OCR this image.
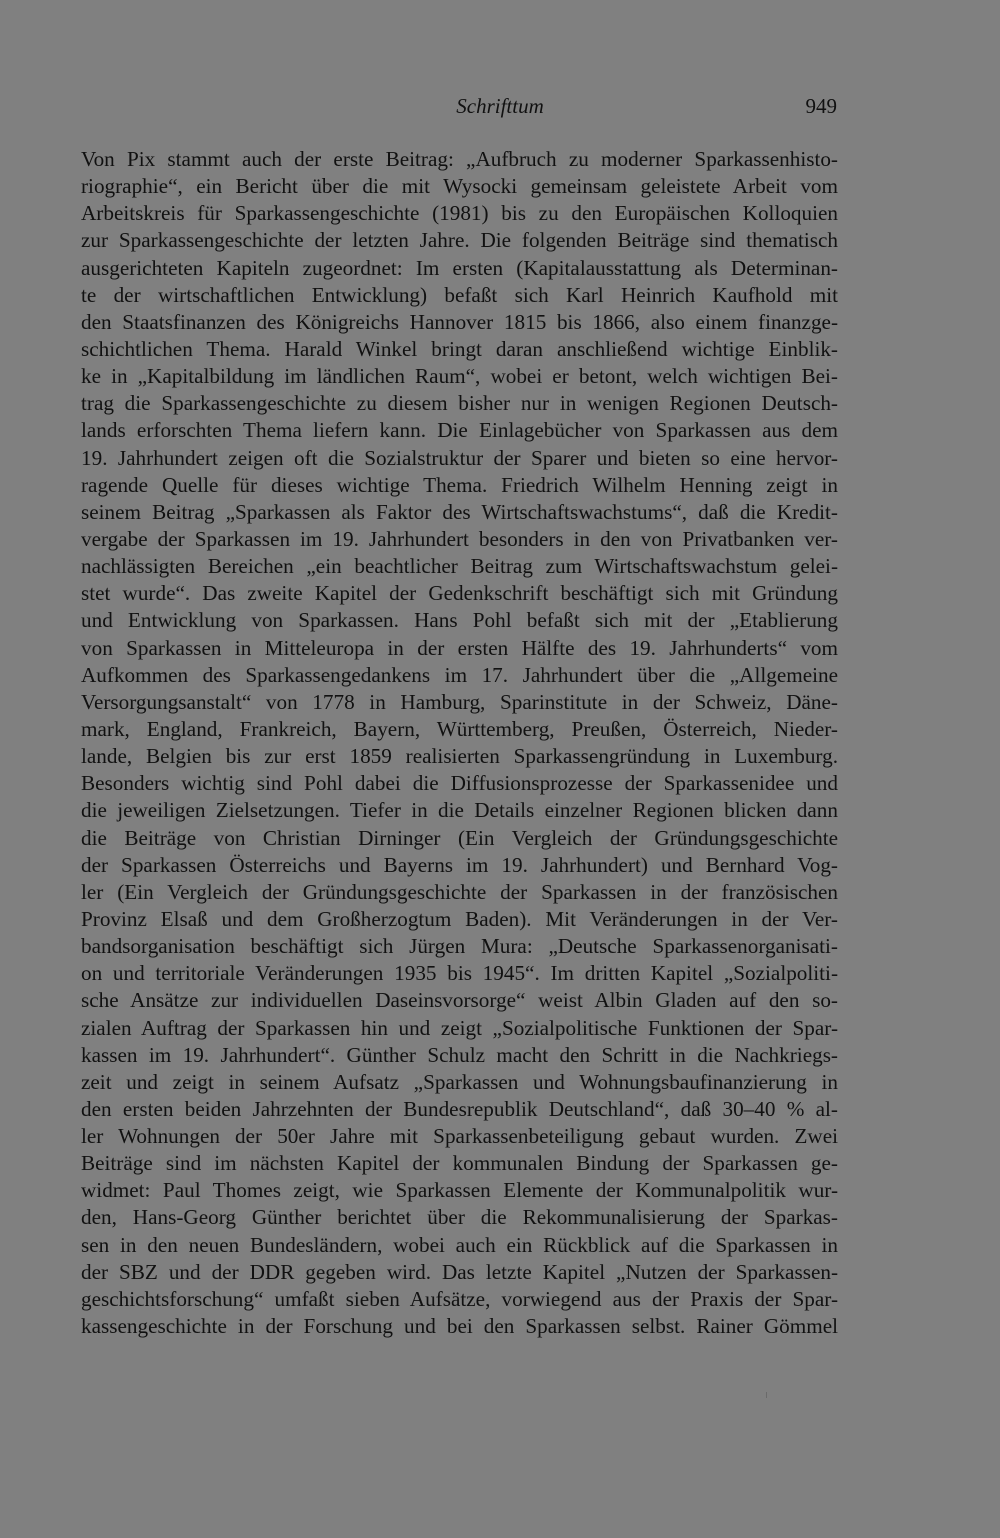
Schrifttum	949
Von Pix stammt auch der erste Beitrag: „Aufbruch zu moderner Sparkassenhisto-
riographie“, ein Bericht über die mit Wysocki gemeinsam geleistete Arbeit vom
Arbeitskreis für Sparkassengeschichte (1981) bis zu den Europäischen Kolloquien
zur Sparkassengeschichte der letzten Jahre. Die folgenden Beiträge sind thematisch
ausgerichteten Kapiteln zugeordnet: Im ersten (Kapitalausstattung als Determinan-
te der wirtschaftlichen Entwicklung) befaßt sich Karl Heinrich Kaufhold mit
den Staatsfinanzen des Königreichs Hannover 1815 bis 1866, also einem finanzge-
schichtlichen Thema. Harald Winkel bringt daran anschließend wichtige Einblik-
ke in „Kapitalbildung im ländlichen Raum“, wobei er betont, welch wichtigen Bei-
trag die Sparkassengeschichte zu diesem bisher nur in wenigen Regionen Deutsch-
lands erforschten Thema liefern kann. Die Einlagebücher von Sparkassen aus dem
19. Jahrhundert zeigen oft die Sozialstruktur der Sparer und bieten so eine hervor-
ragende Quelle für dieses wichtige Thema. Friedrich Wilhelm Henning zeigt in
seinem Beitrag „Sparkassen als Faktor des Wirtschaftswachstums“, daß die Kredit-
vergabe der Sparkassen im 19. Jahrhundert besonders in den von Privatbanken ver-
nachlässigten Bereichen „ein beachtlicher Beitrag zum Wirtschaftswachstum gelei-
stet wurde“. Das zweite Kapitel der Gedenkschrift beschäftigt sich mit Gründung
und Entwicklung von Sparkassen. Hans Pohl befaßt sich mit der „Etablierung
von Sparkassen in Mitteleuropa in der ersten Hälfte des 19. Jahrhunderts“ vom
Aufkommen des Sparkassengedankens im 17. Jahrhundert über die „Allgemeine
Versorgungsanstalt“ von 1778 in Hamburg, Sparinstitute in der Schweiz, Däne-
mark, England, Frankreich, Bayern, Württemberg, Preußen, Österreich, Nieder-
lande, Belgien bis zur erst 1859 realisierten Sparkassengründung in Luxemburg.
Besonders wichtig sind Pohl dabei die Diffusionsprozesse der Sparkassenidee und
die jeweiligen Zielsetzungen. Tiefer in die Details einzelner Regionen blicken dann
die Beiträge von Christian Dirninger (Ein Vergleich der Gründungsgeschichte
der Sparkassen Österreichs und Bayerns im 19. Jahrhundert) und Bernhard Vog-
ler (Ein Vergleich der Gründungsgeschichte der Sparkassen in der französischen
Provinz Elsaß und dem Großherzogtum Baden). Mit Veränderungen in der Ver-
bandsorganisation beschäftigt sich Jürgen Mura: „Deutsche Sparkassenorganisati-
on und territoriale Veränderungen 1935 bis 1945“. Im dritten Kapitel „Sozialpoliti-
sche Ansätze zur individuellen Daseinsvorsorge“ weist Albin Gladen auf den so-
zialen Auftrag der Sparkassen hin und zeigt „Sozialpolitische Funktionen der Spar-
kassen im 19. Jahrhundert“. Günther Schulz macht den Schritt in die Nachkriegs-
zeit und zeigt in seinem Aufsatz „Sparkassen und Wohnungsbaufinanzierung in
den ersten beiden Jahrzehnten der Bundesrepublik Deutschland“, daß 30–40 % al-
ler Wohnungen der 50er Jahre mit Sparkassenbeteiligung gebaut wurden. Zwei
Beiträge sind im nächsten Kapitel der kommunalen Bindung der Sparkassen ge-
widmet: Paul Thomes zeigt, wie Sparkassen Elemente der Kommunalpolitik wur-
den, Hans-Georg Günther berichtet über die Rekommunalisierung der Sparkas-
sen in den neuen Bundesländern, wobei auch ein Rückblick auf die Sparkassen in
der SBZ und der DDR gegeben wird. Das letzte Kapitel „Nutzen der Sparkassen-
geschichtsforschung“ umfaßt sieben Aufsätze, vorwiegend aus der Praxis der Spar-
kassengeschichte in der Forschung und bei den Sparkassen selbst. Rainer Gömmel
